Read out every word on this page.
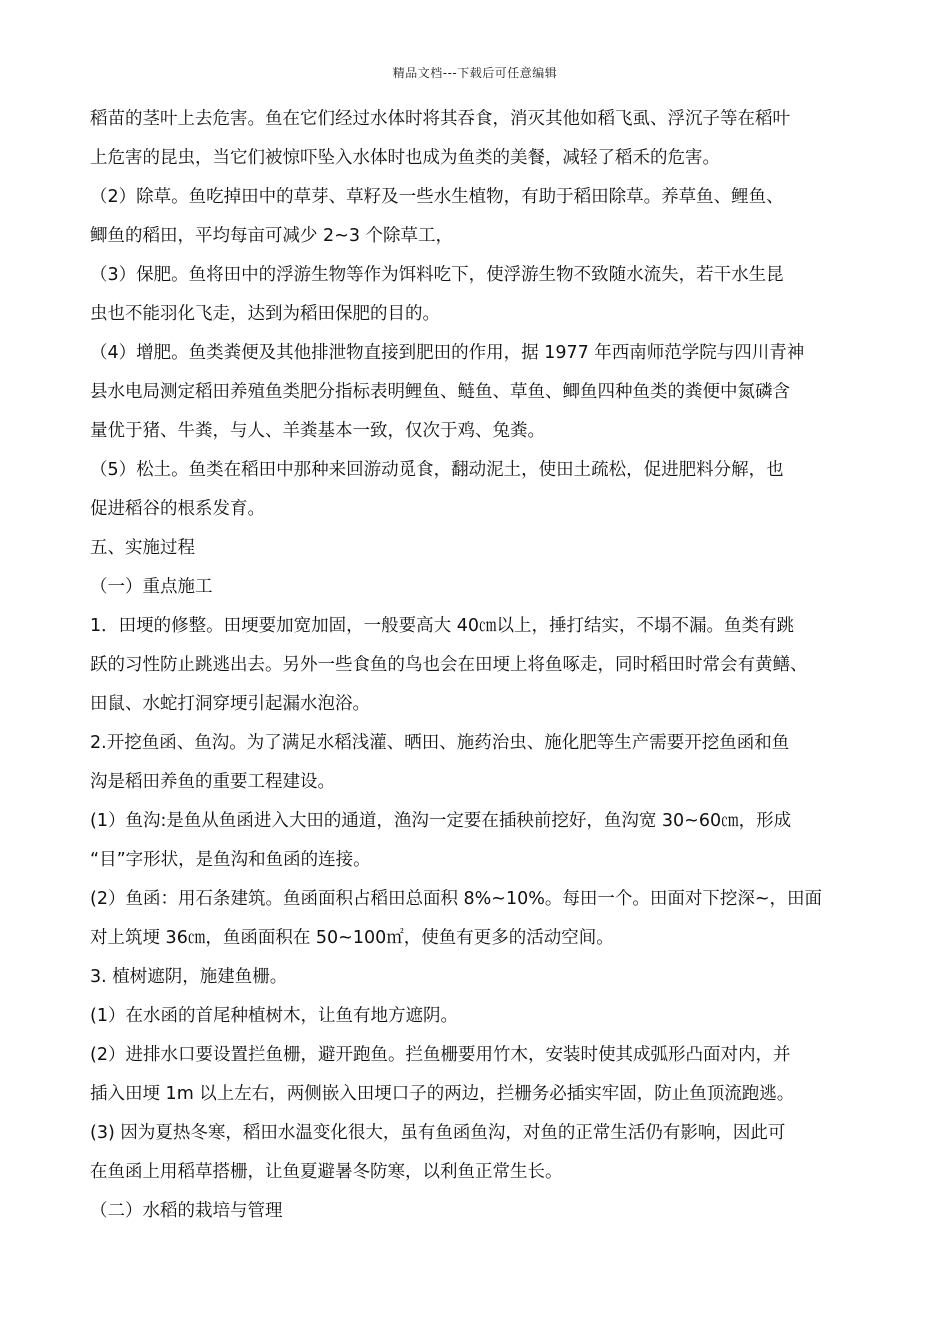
精品文档---下载后可任意编辑
稻苗的茎叶上去危害。鱼在它们经过水体时将其吞食，消灭其他如稻飞虱、浮沉子等在稻叶
上危害的昆虫，当它们被惊吓坠入水体时也成为鱼类的美餐，减轻了稻禾的危害。
（2）除草。鱼吃掉田中的草芽、草籽及一些水生植物，有助于稻田除草。养草鱼、鲤鱼、
鲫鱼的稻田，平均每亩可减少 2~3 个除草工，
（3）保肥。鱼将田中的浮游生物等作为饵料吃下，使浮游生物不致随水流失，若干水生昆
虫也不能羽化飞走，达到为稻田保肥的目的。
（4）增肥。鱼类粪便及其他排泄物直接到肥田的作用，据 1977 年西南师范学院与四川青神
县水电局测定稻田养殖鱼类肥分指标表明鲤鱼、鲢鱼、草鱼、鲫鱼四种鱼类的粪便中氮磷含
量优于猪、牛粪，与人、羊粪基本一致，仅次于鸡、兔粪。
（5）松土。鱼类在稻田中那种来回游动觅食，翻动泥土，使田土疏松，促进肥料分解，也
促进稻谷的根系发育。
五、实施过程
（一）重点施工
1．田埂的修整。田埂要加宽加固，一般要高大 40㎝以上，捶打结实，不塌不漏。鱼类有跳
跃的习性防止跳逃出去。另外一些食鱼的鸟也会在田埂上将鱼啄走，同时稻田时常会有黄鳝、
田鼠、水蛇打洞穿埂引起漏水泡浴。
2.开挖鱼函、鱼沟。为了满足水稻浅灌、晒田、施药治虫、施化肥等生产需要开挖鱼函和鱼
沟是稻田养鱼的重要工程建设。
(1）鱼沟:是鱼从鱼函进入大田的通道，渔沟一定要在插秧前挖好，鱼沟宽 30~60㎝，形成
“目”字形状，是鱼沟和鱼函的连接。
(2）鱼函：用石条建筑。鱼函面积占稻田总面积 8%~10%。每田一个。田面对下挖深~，田面
对上筑埂 36㎝，鱼函面积在 50~100㎡，使鱼有更多的活动空间。
3. 植树遮阴，施建鱼栅。
(1）在水函的首尾种植树木，让鱼有地方遮阴。
(2）进排水口要设置拦鱼栅，避开跑鱼。拦鱼栅要用竹木，安装时使其成弧形凸面对内，并
插入田埂 1m 以上左右，两侧嵌入田埂口子的两边，拦栅务必插实牢固，防止鱼顶流跑逃。
(3) 因为夏热冬寒，稻田水温变化很大，虽有鱼函鱼沟，对鱼的正常生活仍有影响，因此可
在鱼函上用稻草搭栅，让鱼夏避暑冬防寒，以利鱼正常生长。
（二）水稻的栽培与管理
